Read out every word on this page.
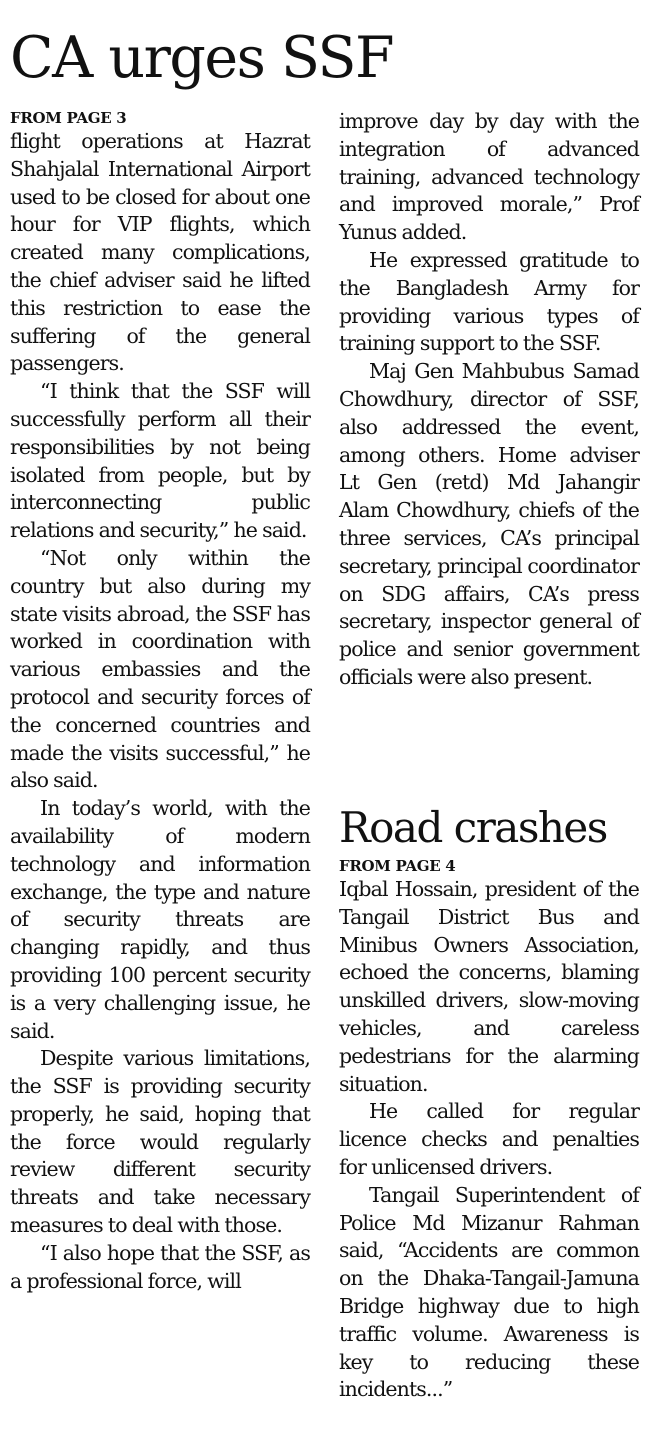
CA urges SSF

FROM PAGE 3

flight operations at Hazrat Shahjalal International Airport used to be closed for about one hour for VIP flights, which created many complications, the chief adviser said he lifted this restriction to ease the suffering of the general passengers.

“I think that the SSF will successfully perform all their responsibilities by not being isolated from people, but by interconnecting public relations and security,” he said.

“Not only within the country but also during my state visits abroad, the SSF has worked in coordination with various embassies and the protocol and security forces of the concerned countries and made the visits successful,” he also said.

In today’s world, with the availability of modern technology and information exchange, the type and nature of security threats are changing rapidly, and thus providing 100 percent security is a very challenging issue, he said.

Despite various limitations, the SSF is providing security properly, he said, hoping that the force would regularly review different security threats and take necessary measures to deal with those.

“I also hope that the SSF, as a professional force, will

improve day by day with the integration of advanced training, advanced technology and improved morale,” Prof Yunus added.

He expressed gratitude to the Bangladesh Army for providing various types of training support to the SSF.

Maj Gen Mahbubus Samad Chowdhury, director of SSF, also addressed the event, among others. Home adviser Lt Gen (retd) Md Jahangir Alam Chowdhury, chiefs of the three services, CA’s principal secretary, principal coordinator on SDG affairs, CA’s press secretary, inspector general of police and senior government officials were also present.

Road crashes

FROM PAGE 4

Iqbal Hossain, president of the Tangail District Bus and Minibus Owners Association, echoed the concerns, blaming unskilled drivers, slow-moving vehicles, and careless pedestrians for the alarming situation.

He called for regular licence checks and penalties for unlicensed drivers.

Tangail Superintendent of Police Md Mizanur Rahman said, “Accidents are common on the Dhaka-Tangail-Jamuna Bridge highway due to high traffic volume. Awareness is key to reducing these incidents...”
